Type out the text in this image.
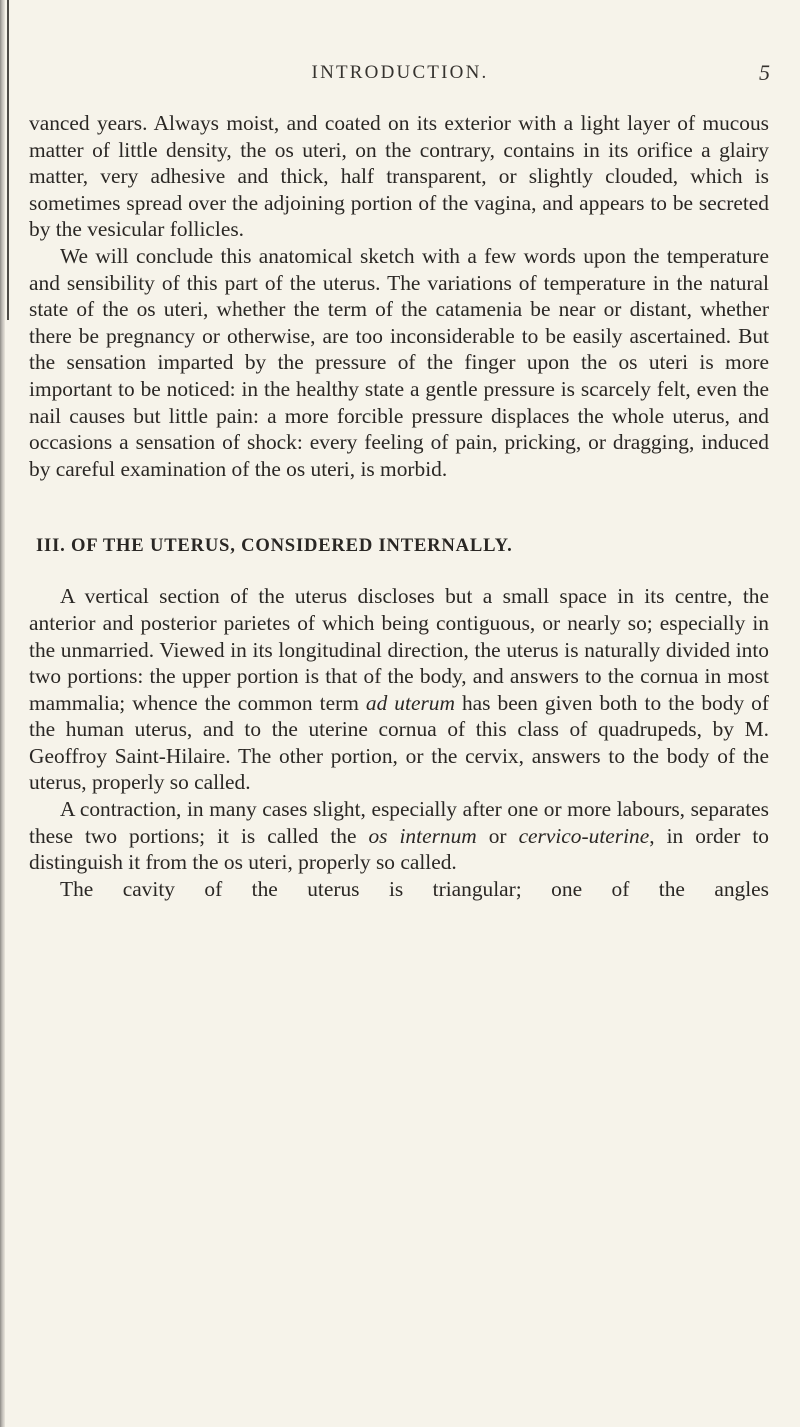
INTRODUCTION.	5

vanced years. Always moist, and coated on its exterior with a light layer of mucous matter of little density, the os uteri, on the contrary, contains in its orifice a glairy matter, very adhesive and thick, half transparent, or slightly clouded, which is sometimes spread over the adjoining portion of the vagina, and appears to be secreted by the vesicular follicles.

We will conclude this anatomical sketch with a few words upon the temperature and sensibility of this part of the uterus. The variations of temperature in the natural state of the os uteri, whether the term of the catamenia be near or distant, whether there be pregnancy or otherwise, are too inconsiderable to be easily ascertained. But the sensation imparted by the pressure of the finger upon the os uteri is more important to be noticed: in the healthy state a gentle pressure is scarcely felt, even the nail causes but little pain: a more forcible pressure displaces the whole uterus, and occasions a sensation of shock: every feeling of pain, pricking, or dragging, induced by careful examination of the os uteri, is morbid.

III. OF THE UTERUS, CONSIDERED INTERNALLY.

A vertical section of the uterus discloses but a small space in its centre, the anterior and posterior parietes of which being contiguous, or nearly so; especially in the unmarried. Viewed in its longitudinal direction, the uterus is naturally divided into two portions: the upper portion is that of the body, and answers to the cornua in most mammalia; whence the common term ad uterum has been given both to the body of the human uterus, and to the uterine cornua of this class of quadrupeds, by M. Geoffroy Saint-Hilaire. The other portion, or the cervix, answers to the body of the uterus, properly so called.

A contraction, in many cases slight, especially after one or more labours, separates these two portions; it is called the os internum or cervico-uterine, in order to distinguish it from the os uteri, properly so called.

The cavity of the uterus is triangular; one of the angles
